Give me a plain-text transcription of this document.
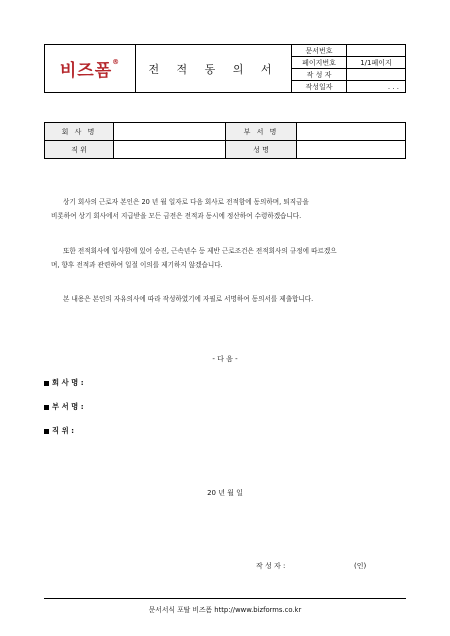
비즈폼®	전 적 동 의 서	문서번호	
		페이지번호	1/1페이지
		작 성 자	
		작성일자	. . .
회 사 명		부 서 명	
직 위		성 명	
상기 회사의 근로자 본인은 20 년 월 일자로 다음 회사로 전적함에 동의하며, 퇴직금을
비롯하여 상기 회사에서 지급받을 모든 금전은 전적과 동시에 정산하여 수령하겠습니다.
또한 전적회사에 입사함에 있어 승진, 근속년수 등 제반 근로조건은 전적회사의 규정에 따르겠으
며, 향후 전적과 관련하여 일절 이의를 제기하지 않겠습니다.
본 내용은 본인의 자유의사에 따라 작성하였기에 자필로 서명하여 동의서를 제출합니다.
- 다 음 -
회 사 명 :
부 서 명 :
직 위 :
20 년 월 일
작 성 자 :	(인)
문서서식 포탈 비즈폼 http://www.bizforms.co.kr
